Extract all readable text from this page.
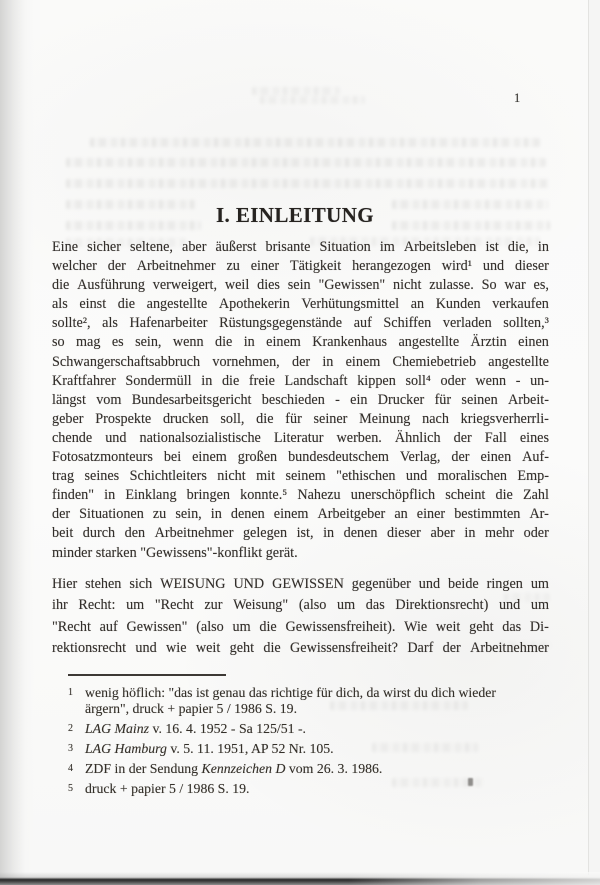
1
I. EINLEITUNG
Eine sicher seltene, aber äußerst brisante Situation im Arbeitsleben ist die, in
welcher der Arbeitnehmer zu einer Tätigkeit herangezogen wird¹ und dieser
die Ausführung verweigert, weil dies sein "Gewissen" nicht zulasse. So war es,
als einst die angestellte Apothekerin Verhütungsmittel an Kunden verkaufen
sollte², als Hafenarbeiter Rüstungsgegenstände auf Schiffen verladen sollten,³
so mag es sein, wenn die in einem Krankenhaus angestellte Ärztin einen
Schwangerschaftsabbruch vornehmen, der in einem Chemiebetrieb angestellte
Kraftfahrer Sondermüll in die freie Landschaft kippen soll⁴ oder wenn - un-
längst vom Bundesarbeitsgericht beschieden - ein Drucker für seinen Arbeit-
geber Prospekte drucken soll, die für seiner Meinung nach kriegsverherrli-
chende und nationalsozialistische Literatur werben. Ähnlich der Fall eines
Fotosatzmonteurs bei einem großen bundesdeutschem Verlag, der einen Auf-
trag seines Schichtleiters nicht mit seinem "ethischen und moralischen Emp-
finden" in Einklang bringen konnte.⁵ Nahezu unerschöpflich scheint die Zahl
der Situationen zu sein, in denen einem Arbeitgeber an einer bestimmten Ar-
beit durch den Arbeitnehmer gelegen ist, in denen dieser aber in mehr oder
minder starken "Gewissens"-konflikt gerät.
Hier stehen sich WEISUNG UND GEWISSEN gegenüber und beide ringen um
ihr Recht: um "Recht zur Weisung" (also um das Direktionsrecht) und um
"Recht auf Gewissen" (also um die Gewissensfreiheit). Wie weit geht das Di-
rektionsrecht und wie weit geht die Gewissensfreiheit? Darf der Arbeitnehmer
1 wenig höflich: "das ist genau das richtige für dich, da wirst du dich wieder
ärgern", druck + papier 5 / 1986 S. 19.
2 LAG Mainz v. 16. 4. 1952 - Sa 125/51 -.
3 LAG Hamburg v. 5. 11. 1951, AP 52 Nr. 105.
4 ZDF in der Sendung Kennzeichen D vom 26. 3. 1986.
5 druck + papier 5 / 1986 S. 19.
